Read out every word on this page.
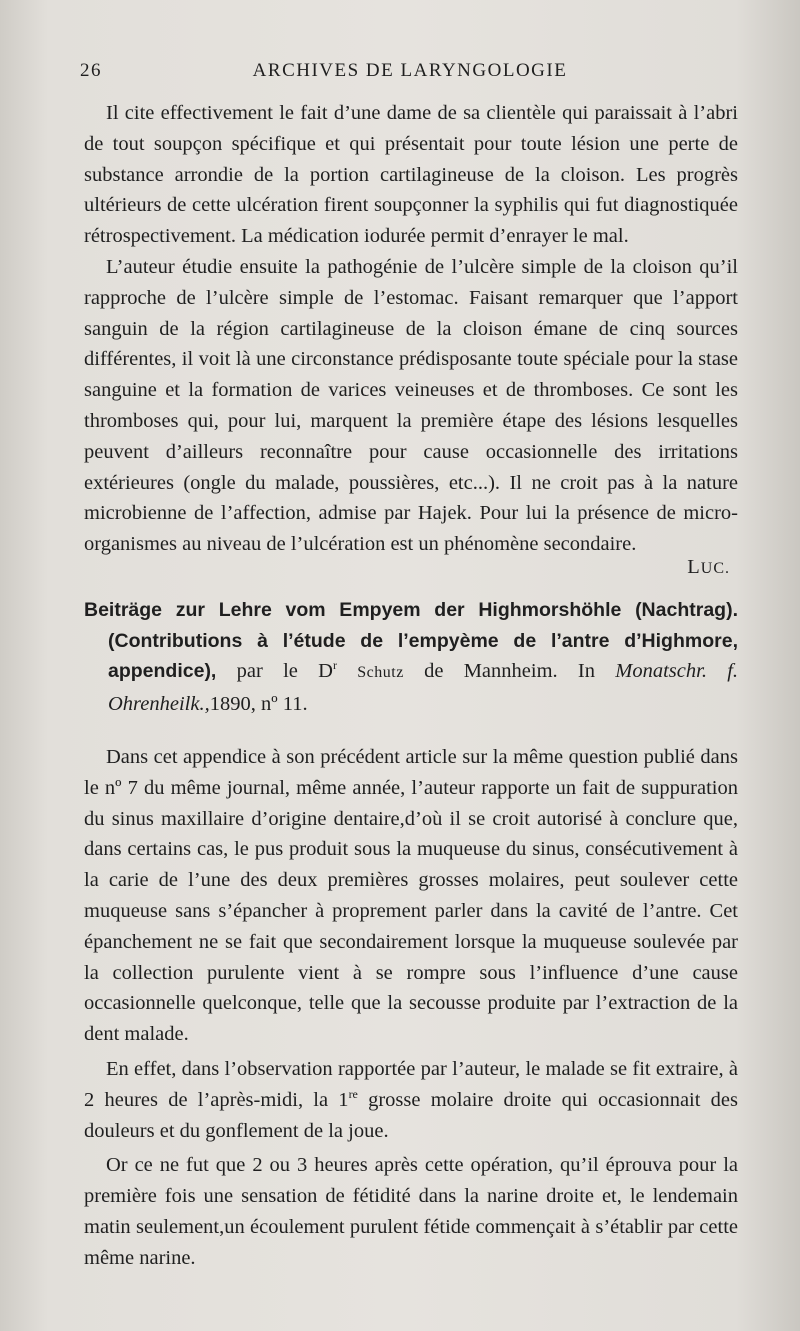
26	ARCHIVES DE LARYNGOLOGIE

Il cite effectivement le fait d’une dame de sa clientèle qui paraissait à l’abri de tout soupçon spécifique et qui présentait pour toute lésion une perte de substance arrondie de la portion cartilagineuse de la cloison. Les progrès ultérieurs de cette ulcération firent soupçonner la syphilis qui fut diagnostiquée rétrospectivement. La médication iodurée permit d’enrayer le mal.

L’auteur étudie ensuite la pathogénie de l’ulcère simple de la cloison qu’il rapproche de l’ulcère simple de l’estomac. Faisant remarquer que l’apport sanguin de la région cartilagineuse de la cloison émane de cinq sources différentes, il voit là une circonstance prédisposante toute spéciale pour la stase sanguine et la formation de varices veineuses et de thromboses. Ce sont les thromboses qui, pour lui, marquent la première étape des lésions lesquelles peuvent d’ailleurs reconnaître pour cause occasionnelle des irritations extérieures (ongle du malade, poussières, etc...). Il ne croit pas à la nature microbienne de l’affection, admise par Hajek. Pour lui la présence de micro-organismes au niveau de l’ulcération est un phénomène secondaire.

LUC.

Beiträge zur Lehre vom Empyem der Highmorshöhle (Nachtrag). (Contributions à l’étude de l’empyème de l’antre d’Highmore, appendice), par le $D^r$ Schutz de Mannheim. In Monatschr. f. Ohrenheilk.,1890, nº 11.

Dans cet appendice à son précédent article sur la même question publié dans le nº 7 du même journal, même année, l’auteur rapporte un fait de suppuration du sinus maxillaire d’origine dentaire,d’où il se croit autorisé à conclure que, dans certains cas, le pus produit sous la muqueuse du sinus, consécutivement à la carie de l’une des deux premières grosses molaires, peut soulever cette muqueuse sans s’épancher à proprement parler dans la cavité de l’antre. Cet épanchement ne se fait que secondairement lorsque la muqueuse soulevée par la collection purulente vient à se rompre sous l’influence d’une cause occasionnelle quelconque, telle que la secousse produite par l’extraction de la dent malade.

En effet, dans l’observation rapportée par l’auteur, le malade se fit extraire, à 2 heures de l’après-midi, la 1re grosse molaire droite qui occasionnait des douleurs et du gonflement de la joue.

Or ce ne fut que 2 ou 3 heures après cette opération, qu’il éprouva pour la première fois une sensation de fétidité dans la narine droite et, le lendemain matin seulement,un écoulement purulent fétide commençait à s’établir par cette même narine.
